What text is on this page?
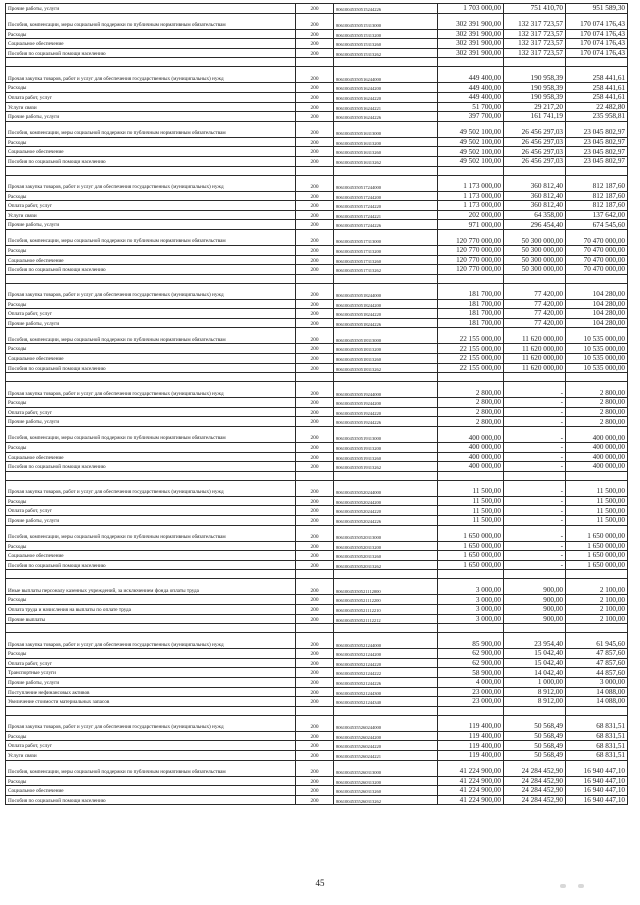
Прочие работы, услуги	200	80610045350515244226	1 703 000,00	751 410,70	951 589,30
Пособия, компенсации, меры социальной поддержки по публичным нормативным обязательствам	200	80610045350515313000	302 391 900,00	132 317 723,57	170 074 176,43
Расходы	200	80610045350515313200	302 391 900,00	132 317 723,57	170 074 176,43
Социальное обеспечение	200	80610045350515313260	302 391 900,00	132 317 723,57	170 074 176,43
Пособия по социальной помощи населению	200	80610045350515313262	302 391 900,00	132 317 723,57	170 074 176,43

Прочая закупка товаров, работ и услуг для обеспечения государственных (муниципальных) нужд	200	80610045350516244000	449 400,00	190 958,39	258 441,61
Расходы	200	80610045350516244200	449 400,00	190 958,39	258 441,61
Оплата работ, услуг	200	80610045350516244220	449 400,00	190 958,39	258 441,61
Услуги связи	200	80610045350516244221	51 700,00	29 217,20	22 482,80
Прочие работы, услуги	200	80610045350516244226	397 700,00	161 741,19	235 958,81
Пособия, компенсации, меры социальной поддержки по публичным нормативным обязательствам	200	80610045350516313000	49 502 100,00	26 456 297,03	23 045 802,97
Расходы	200	80610045350516313200	49 502 100,00	26 456 297,03	23 045 802,97
Социальное обеспечение	200	80610045350516313260	49 502 100,00	26 456 297,03	23 045 802,97
Пособия по социальной помощи населению	200	80610045350516313262	49 502 100,00	26 456 297,03	23 045 802,97

Прочая закупка товаров, работ и услуг для обеспечения государственных (муниципальных) нужд	200	80610045350517244000	1 173 000,00	360 812,40	812 187,60
Расходы	200	80610045350517244200	1 173 000,00	360 812,40	812 187,60
Оплата работ, услуг	200	80610045350517244220	1 173 000,00	360 812,40	812 187,60
Услуги связи	200	80610045350517244221	202 000,00	64 358,00	137 642,00
Прочие работы, услуги	200	80610045350517244226	971 000,00	296 454,40	674 545,60
Пособия, компенсации, меры социальной поддержки по публичным нормативным обязательствам	200	80610045350517313000	120 770 000,00	50 300 000,00	70 470 000,00
Расходы	200	80610045350517313200	120 770 000,00	50 300 000,00	70 470 000,00
Социальное обеспечение	200	80610045350517313260	120 770 000,00	50 300 000,00	70 470 000,00
Пособия по социальной помощи населению	200	80610045350517313262	120 770 000,00	50 300 000,00	70 470 000,00

Прочая закупка товаров, работ и услуг для обеспечения государственных (муниципальных) нужд	200	80610045350518244000	181 700,00	77 420,00	104 280,00
Расходы	200	80610045350518244200	181 700,00	77 420,00	104 280,00
Оплата работ, услуг	200	80610045350518244220	181 700,00	77 420,00	104 280,00
Прочие работы, услуги	200	80610045350518244226	181 700,00	77 420,00	104 280,00
Пособия, компенсации, меры социальной поддержки по публичным нормативным обязательствам	200	80610045350518313000	22 155 000,00	11 620 000,00	10 535 000,00
Расходы	200	80610045350518313200	22 155 000,00	11 620 000,00	10 535 000,00
Социальное обеспечение	200	80610045350518313260	22 155 000,00	11 620 000,00	10 535 000,00
Пособия по социальной помощи населению	200	80610045350518313262	22 155 000,00	11 620 000,00	10 535 000,00

Прочая закупка товаров, работ и услуг для обеспечения государственных (муниципальных) нужд	200	80610045350519244000	2 800,00	-	2 800,00
Расходы	200	80610045350519244200	2 800,00	-	2 800,00
Оплата работ, услуг	200	80610045350519244220	2 800,00	-	2 800,00
Прочие работы, услуги	200	80610045350519244226	2 800,00	-	2 800,00
Пособия, компенсации, меры социальной поддержки по публичным нормативным обязательствам	200	80610045350519313000	400 000,00	-	400 000,00
Расходы	200	80610045350519313200	400 000,00	-	400 000,00
Социальное обеспечение	200	80610045350519313260	400 000,00	-	400 000,00
Пособия по социальной помощи населению	200	80610045350519313262	400 000,00	-	400 000,00

Прочая закупка товаров, работ и услуг для обеспечения государственных (муниципальных) нужд	200	80610045350520244000	11 500,00	-	11 500,00
Расходы	200	80610045350520244200	11 500,00	-	11 500,00
Оплата работ, услуг	200	80610045350520244220	11 500,00	-	11 500,00
Прочие работы, услуги	200	80610045350520244226	11 500,00	-	11 500,00
Пособия, компенсации, меры социальной поддержки по публичным нормативным обязательствам	200	80610045350520313000	1 650 000,00	-	1 650 000,00
Расходы	200	80610045350520313200	1 650 000,00	-	1 650 000,00
Социальное обеспечение	200	80610045350520313260	1 650 000,00	-	1 650 000,00
Пособия по социальной помощи населению	200	80610045350520313262	1 650 000,00	-	1 650 000,00

Иные выплаты персоналу казенных учреждений, за исключением фонда оплаты труда	200	80610045350521112000	3 000,00	900,00	2 100,00
Расходы	200	80610045350521112200	3 000,00	900,00	2 100,00
Оплата труда и начисления на выплаты по оплате труда	200	80610045350521112210	3 000,00	900,00	2 100,00
Прочие выплаты	200	80610045350521112212	3 000,00	900,00	2 100,00

Прочая закупка товаров, работ и услуг для обеспечения государственных (муниципальных) нужд	200	80610045350521244000	85 900,00	23 954,40	61 945,60
Расходы	200	80610045350521244200	62 900,00	15 042,40	47 857,60
Оплата работ, услуг	200	80610045350521244220	62 900,00	15 042,40	47 857,60
Транспортные услуги	200	80610045350521244222	58 900,00	14 042,40	44 857,60
Прочие работы, услуги	200	80610045350521244226	4 000,00	1 000,00	3 000,00
Поступление нефинансовых активов	200	80610045350521244300	23 000,00	8 912,00	14 088,00
Увеличение стоимости материальных запасов	200	80610045350521244340	23 000,00	8 912,00	14 088,00

Прочая закупка товаров, работ и услуг для обеспечения государственных (муниципальных) нужд	200	80610045355260244000	119 400,00	50 568,49	68 831,51
Расходы	200	80610045355260244200	119 400,00	50 568,49	68 831,51
Оплата работ, услуг	200	80610045355260244220	119 400,00	50 568,49	68 831,51
Услуги связи	200	80610045355260244221	119 400,00	50 568,49	68 831,51
Пособия, компенсации, меры социальной поддержки по публичным нормативным обязательствам	200	80610045355260313000	41 224 900,00	24 284 452,90	16 940 447,10
Расходы	200	80610045355260313200	41 224 900,00	24 284 452,90	16 940 447,10
Социальное обеспечение	200	80610045355260313260	41 224 900,00	24 284 452,90	16 940 447,10
Пособия по социальной помощи населению	200	80610045355260313262	41 224 900,00	24 284 452,90	16 940 447,10
45
